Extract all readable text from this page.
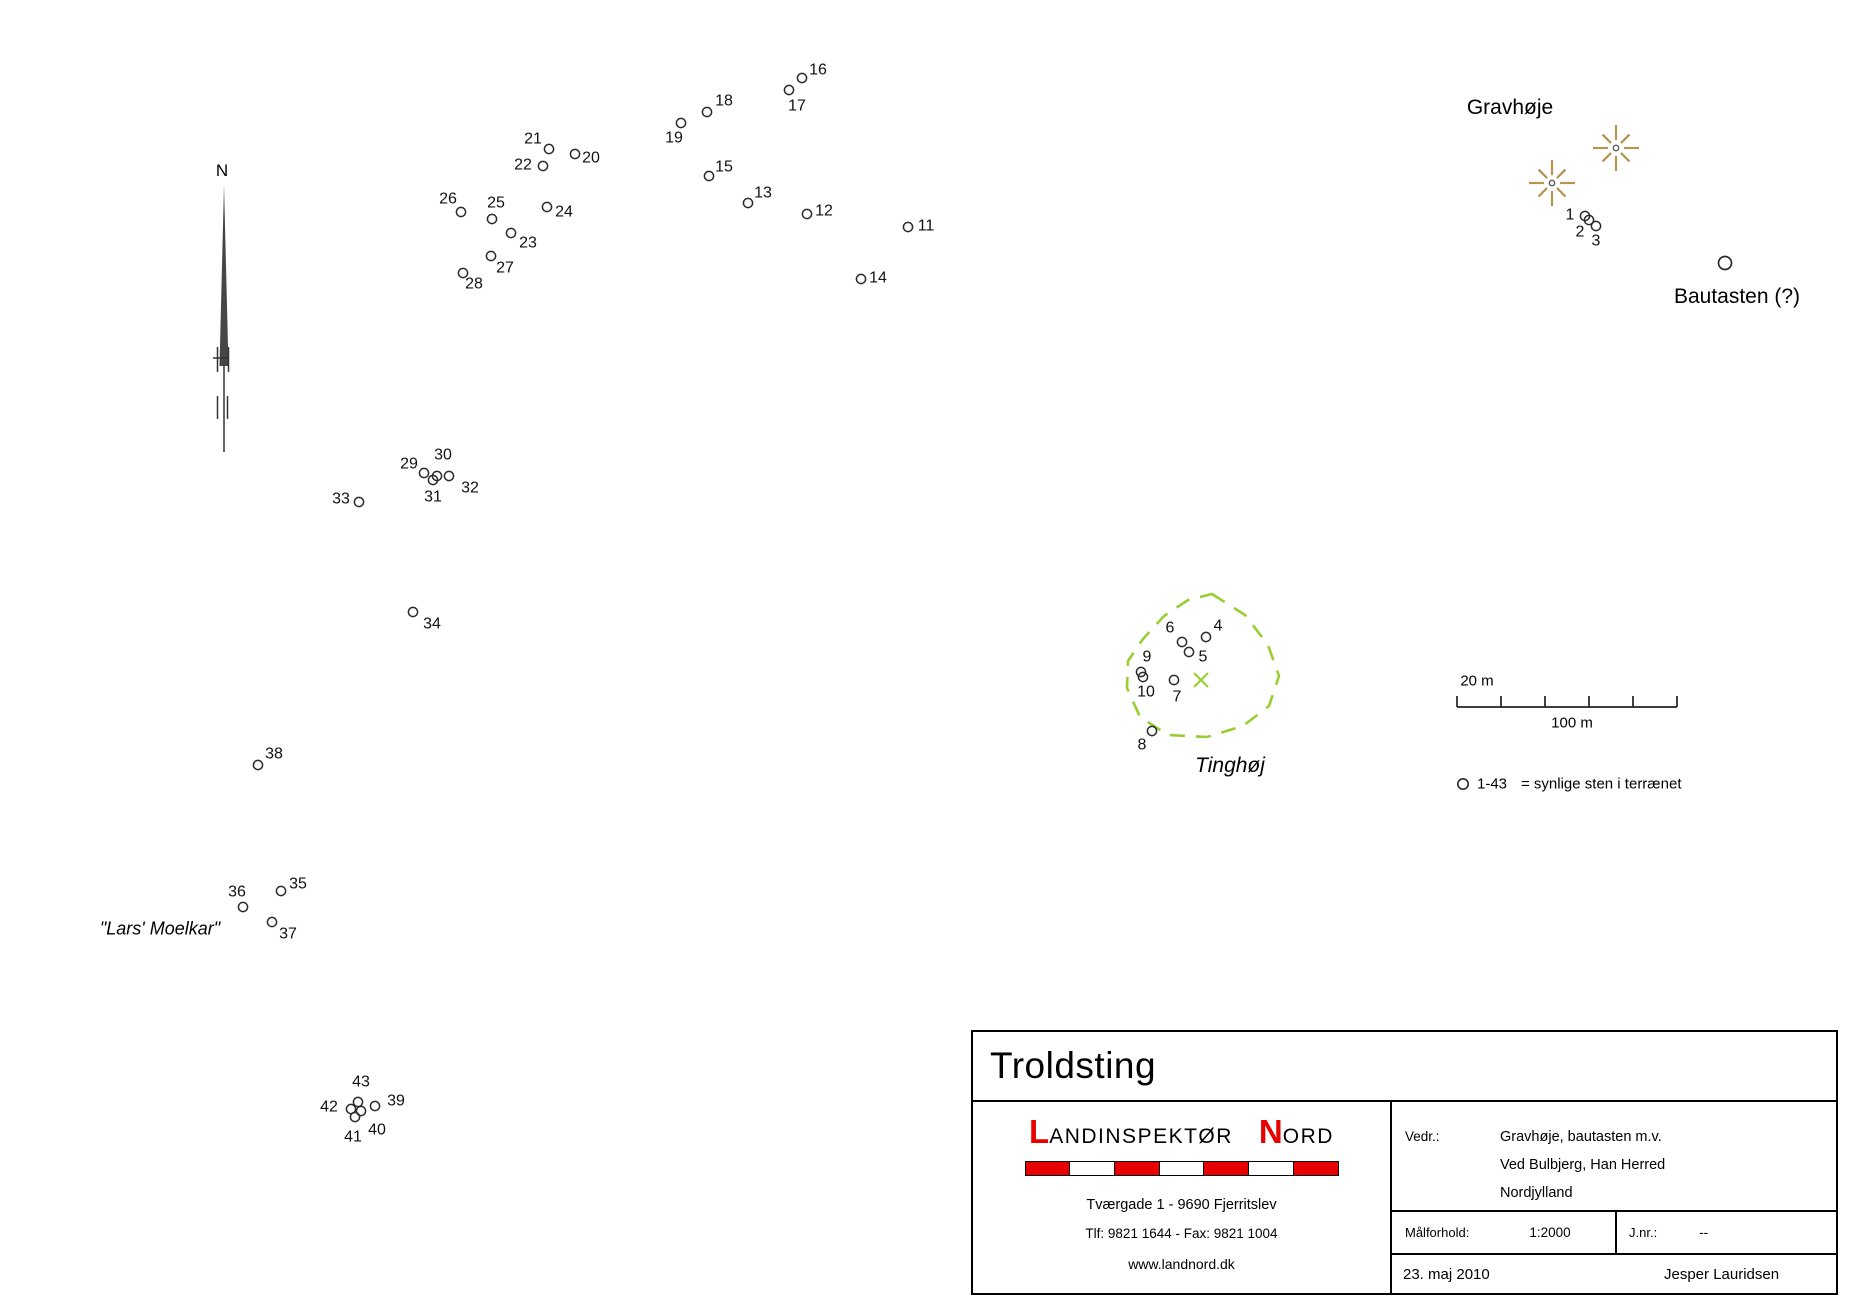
1
2
3
4
5
6
7
8
9
10
11
12
13
14
15
16
17
18
19
20
21
22
23
24
25
26
27
28
29
30
31
32
33
34
35
36
37
38
39
40
41
42
43
N
Gravhøje
Bautasten (?)
Tinghøj
"Lars' Moelkar"
20 m
100 m
1-43 = synlige sten i terrænet
Troldsting
L ANDINSPEKTØR N ORD
Tværgade 1 - 9690 Fjerritslev
Tlf: 9821 1644 - Fax: 9821 1004
www.landnord.dk
Vedr.:	Gravhøje, bautasten m.v.
Ved Bulbjerg, Han Herred
Nordjylland
Målforhold:	1:2000	J.nr.:	--
23. maj 2010	Jesper Lauridsen
